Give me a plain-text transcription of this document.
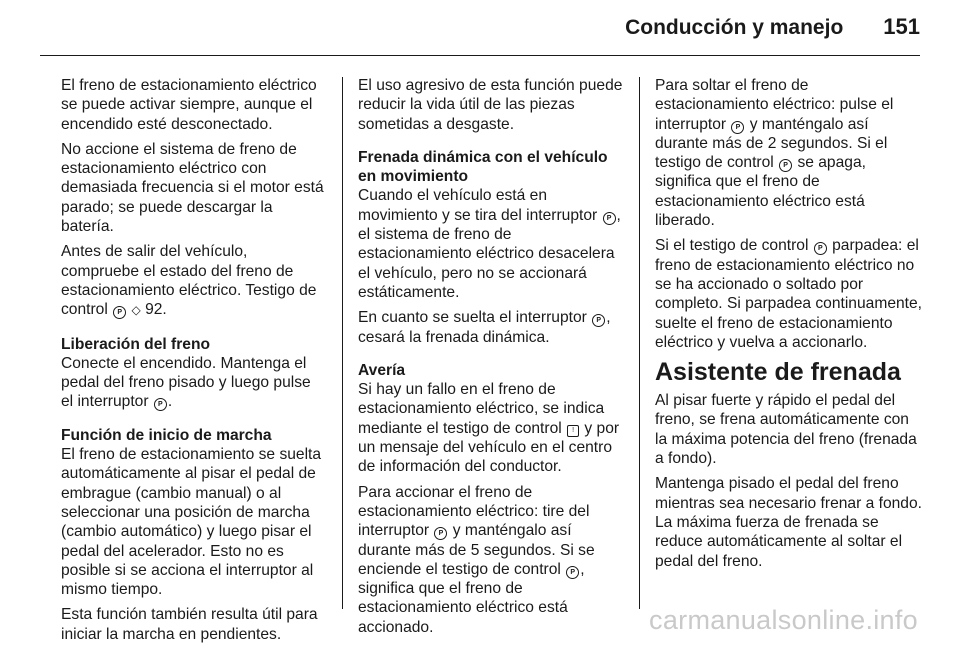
Conducción y manejo 151

El freno de estacionamiento eléctrico se puede activar siempre, aunque el encendido esté desconectado.

No accione el sistema de freno de estacionamiento eléctrico con demasiada frecuencia si el motor está parado; se puede descargar la batería.

Antes de salir del vehículo, compruebe el estado del freno de estacionamiento eléctrico. Testigo de control P ◇ 92.

Liberación del freno

Conecte el encendido. Mantenga el pedal del freno pisado y luego pulse el interruptor P .

Función de inicio de marcha

El freno de estacionamiento se suelta automáticamente al pisar el pedal de embrague (cambio manual) o al seleccionar una posición de marcha (cambio automático) y luego pisar el pedal del acelerador. Esto no es posible si se acciona el interruptor al mismo tiempo.

Esta función también resulta útil para iniciar la marcha en pendientes.

El uso agresivo de esta función puede reducir la vida útil de las piezas sometidas a desgaste.

Frenada dinámica con el vehículo en movimiento

Cuando el vehículo está en movimiento y se tira del interruptor P , el sistema de freno de estacionamiento eléctrico desacelera el vehículo, pero no se accionará estáticamente.

En cuanto se suelta el interruptor P , cesará la frenada dinámica.

Avería

Si hay un fallo en el freno de estacionamiento eléctrico, se indica mediante el testigo de control ! y por un mensaje del vehículo en el centro de información del conductor.

Para accionar el freno de estacionamiento eléctrico: tire del interruptor P y manténgalo así durante más de 5 segundos. Si se enciende el testigo de control P , significa que el freno de estacionamiento eléctrico está accionado.

Para soltar el freno de estacionamiento eléctrico: pulse el interruptor P y manténgalo así durante más de 2 segundos. Si el testigo de control P se apaga, significa que el freno de estacionamiento eléctrico está liberado.

Si el testigo de control P parpadea: el freno de estacionamiento eléctrico no se ha accionado o soltado por completo. Si parpadea continuamente, suelte el freno de estacionamiento eléctrico y vuelva a accionarlo.

Asistente de frenada

Al pisar fuerte y rápido el pedal del freno, se frena automáticamente con la máxima potencia del freno (frenada a fondo).

Mantenga pisado el pedal del freno mientras sea necesario frenar a fondo. La máxima fuerza de frenada se reduce automáticamente al soltar el pedal del freno.

carmanualsonline.info
